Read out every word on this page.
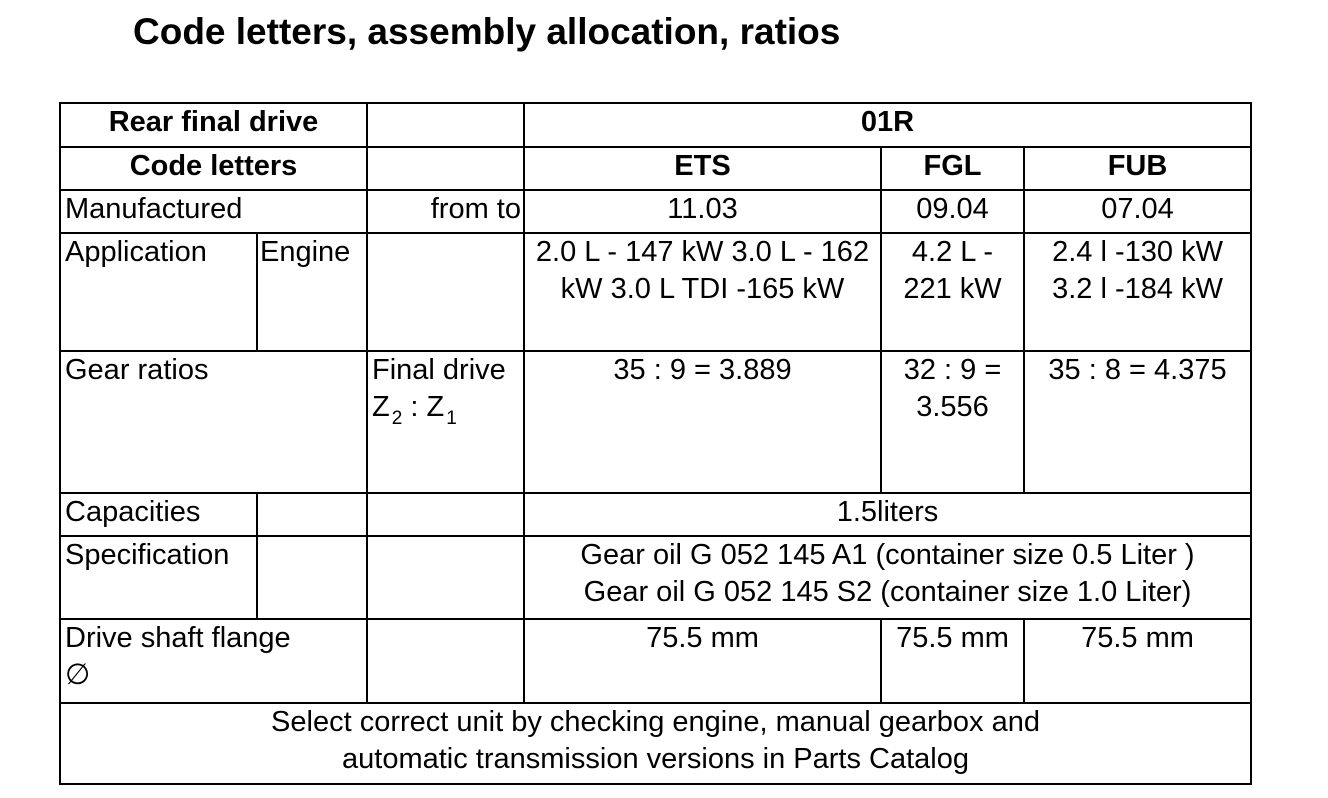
Code letters, assembly allocation, ratios
Rear final drive			01R		
Code letters			ETS	FGL	FUB
Manufactured		from to	11.03	09.04	07.04
Application	Engine		2.0 L - 147 kW 3.0 L - 162 kW 3.0 L TDI -165 kW	4.2 L - 221 kW	2.4 l -130 kW 3.2 l -184 kW
Gear ratios		Final drive Z $_2$ : Z $_1$	35 : 9 = 3.889	32 : 9 = 3.556	35 : 8 = 4.375
Capacities			1.5liters		
Specification			Gear oil G 052 145 A1 (container size 0.5 Liter )
Gear oil G 052 145 S2 (container size 1.0 Liter)		

Drive shaft flange
∅			75.5 mm	75.5 mm	75.5 mm
Select correct unit by checking engine, manual gearbox and automatic transmission versions in Parts Catalog					
